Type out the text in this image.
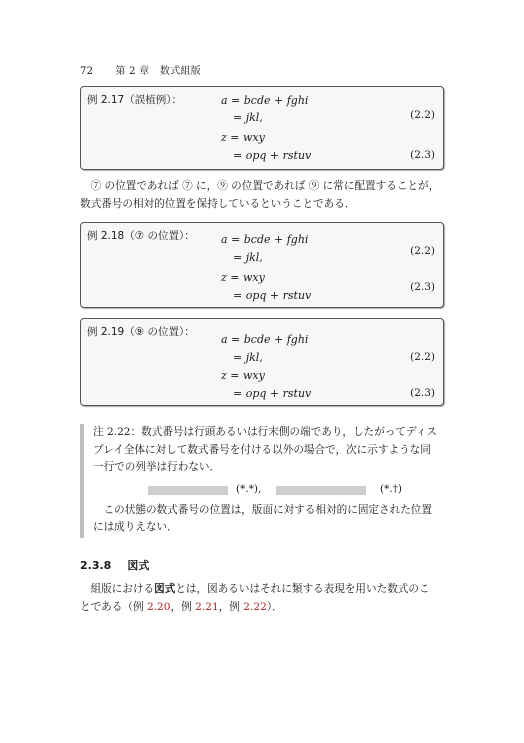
72 第 2 章　数式組版
例 2.17（誤植例）：	a = bcde + fghi
= jkl,
z = wxy
= opq + rstuv
(2.2)
(2.3)
⑦ の位置であれば ⑦ に，⑨ の位置であれば ⑨ に常に配置することが，
数式番号の相対的位置を保持しているということである．
例 2.18（⑦ の位置）： a = bcde + fghi
= jkl,
z = wxy
= opq + rstuv
(2.2)
(2.3)
例 2.19（⑨ の位置）：
a = bcde + fghi
= jkl,
z = wxy
= opq + rstuv
(2.2)
(2.3)
注 2.22：数式番号は行頭あるいは行末側の端であり，したがってディス
プレイ全体に対して数式番号を付ける以外の場合で，次に示すような同
一行での列挙は行わない．
この状態の数式番号の位置は，版面に対する相対的に固定された位置
には成りえない．
(*.*),	(*.†)
2.3.8 図式
組版における図式とは，図あるいはそれに類する表現を用いた数式のこ
とである（例 2.20，例 2.21，例 2.22）．
